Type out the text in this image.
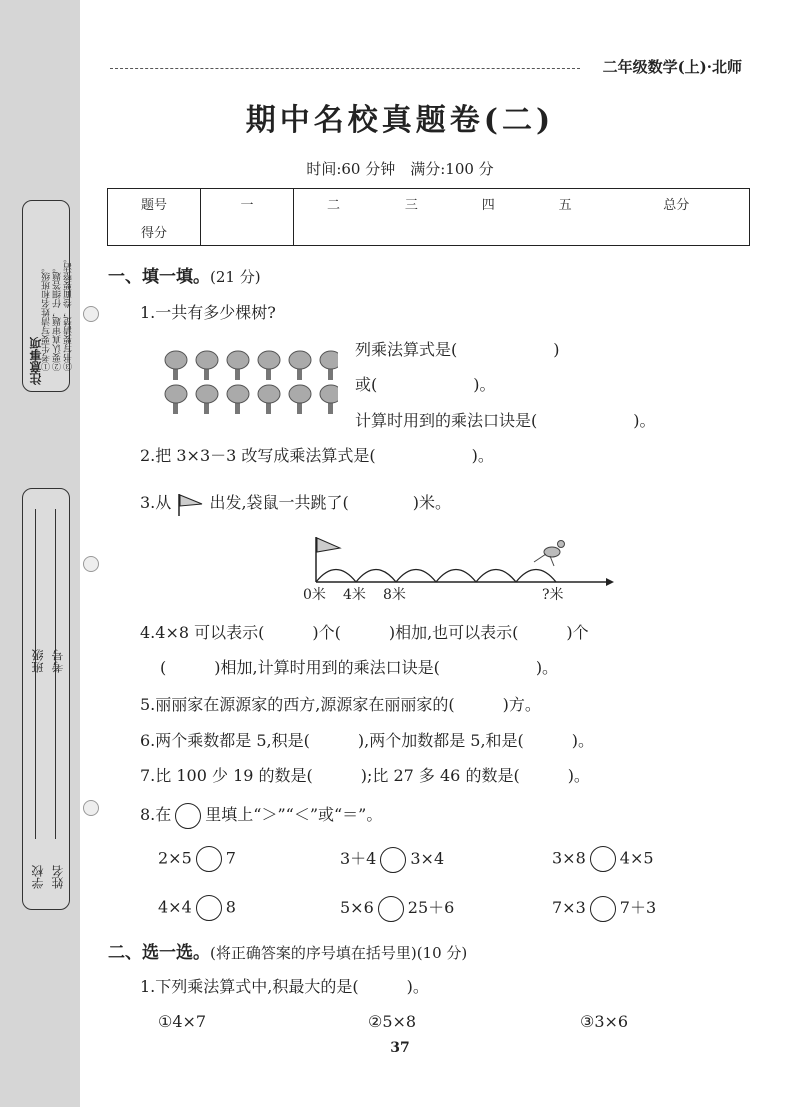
注意事项 ①考生要写清姓名和班级。 ②要认真审题，仔细答题。 ③书写要清楚，卷面要整洁。
学校 姓名
班级 考号
二年级数学(上)·北师
期中名校真题卷(二)
时间:60 分钟　满分:100 分
题号	一	二	三	四	五	总分
得分						
一、填一填。(21 分)
1.一共有多少棵树?
列乘法算式是(　　　　　　)
或(　　　　　　)。
计算时用到的乘法口诀是(　　　　　　)。
2.把 3×3－3 改写成乘法算式是(　　　　　　)。
3.从 出发,袋鼠一共跳了(　　　　)米。
0米 4米 8米	?米
4.4×8 可以表示(　　　)个(　　　)相加,也可以表示(　　　)个
(　　　)相加,计算时用到的乘法口诀是(　　　　　　)。
5.丽丽家在源源家的西方,源源家在丽丽家的(　　　)方。
6.两个乘数都是 5,积是(　　　),两个加数都是 5,和是(　　　)。
7.比 100 少 19 的数是(　　　);比 27 多 46 的数是(　　　)。
8.在 里填上“＞”“＜”或“＝”。
2×5 7	3＋4 3×4	3×8 4×5
4×4 8	5×6 25＋6	7×3 7＋3
二、选一选。(将正确答案的序号填在括号里)(10 分)
1.下列乘法算式中,积最大的是(　　　)。
①4×7	②5×8	③3×6
37
